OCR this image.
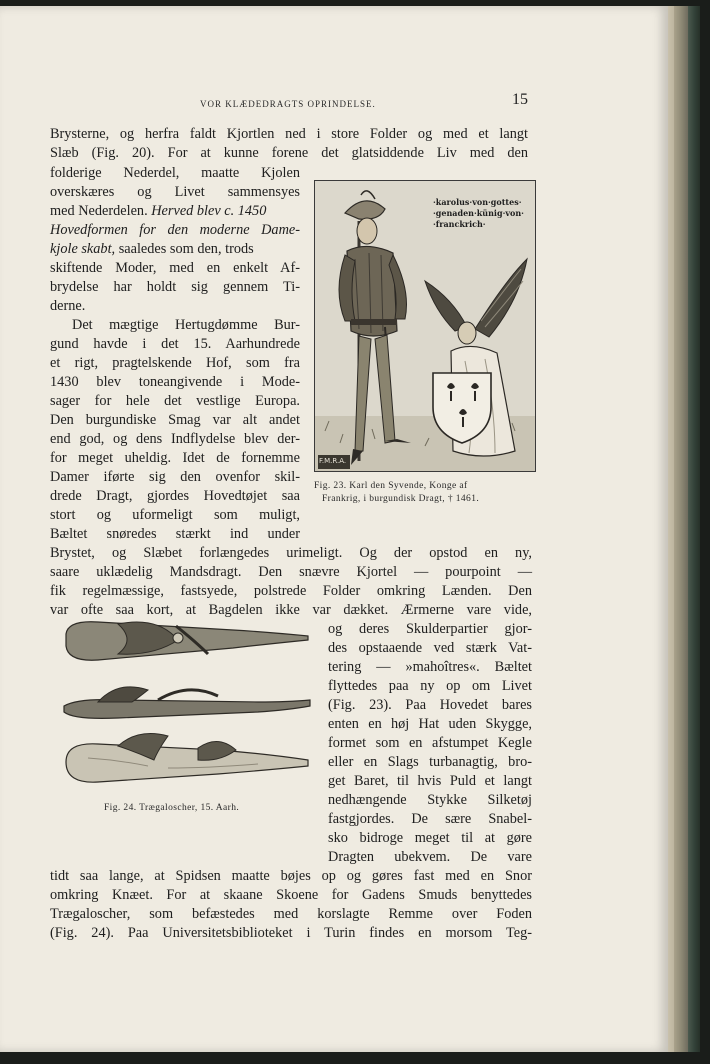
VOR KLÆDEDRAGTS OPRINDELSE.	15
Brysterne, og herfra faldt Kjortlen ned i store Folder og med et langt
Slæb (Fig. 20). For at kunne forene det glatsiddende Liv med den
folderige Nederdel, maatte Kjolen
overskæres og Livet sammensyes
med Nederdelen. Herved blev c. 1450
Hovedformen for den moderne Dame-
kjole skabt, saaledes som den, trods
skiftende Moder, med en enkelt Af-
brydelse har holdt sig gennem Ti-
derne.
Det mægtige Hertugdømme Bur-
gund havde i det 15. Aarhundrede
et rigt, pragtelskende Hof, som fra
1430 blev toneangivende i Mode-
sager for hele det vestlige Europa.
Den burgundiske Smag var alt andet
end god, og dens Indflydelse blev der-
for meget uheldig. Idet de fornemme
Damer iførte sig den ovenfor skil-
drede Dragt, gjordes Hovedtøjet saa
stort og uformeligt som muligt,
Bæltet snøredes stærkt ind under
Brystet, og Slæbet forlængedes urimeligt. Og der opstod en ny,
saare uklædelig Mandsdragt. Den snævre Kjortel — pourpoint —
fik regelmæssige, fastsyede, polstrede Folder omkring Lænden. Den
var ofte saa kort, at Bagdelen ikke var dækket. Ærmerne vare vide,
og deres Skulderpartier gjor-
des opstaaende ved stærk Vat-
tering — »mahoîtres«. Bæltet
flyttedes paa ny op om Livet
(Fig. 23). Paa Hovedet bares
enten en høj Hat uden Skygge,
formet som en afstumpet Kegle
eller en Slags turbanagtig, bro-
get Baret, til hvis Puld et langt
nedhængende Stykke Silketøj
fastgjordes. De sære Snabel-
sko bidroge meget til at gøre
Dragten ubekvem. De vare
tidt saa lange, at Spidsen maatte bøjes op og gøres fast med en Snor
omkring Knæet. For at skaane Skoene for Gadens Smuds benyttedes
Trægaloscher, som befæstedes med korslagte Remme over Foden
(Fig. 24). Paa Universitetsbiblioteket i Turin findes en morsom Teg-
·karolus·von·gottes·
·genaden·künig·von·
·franckrich·
F.M.R.A.
Fig. 23. Karl den Syvende, Konge af
Frankrig, i burgundisk Dragt, † 1461.
Fig. 24. Trægaloscher, 15. Aarh.
